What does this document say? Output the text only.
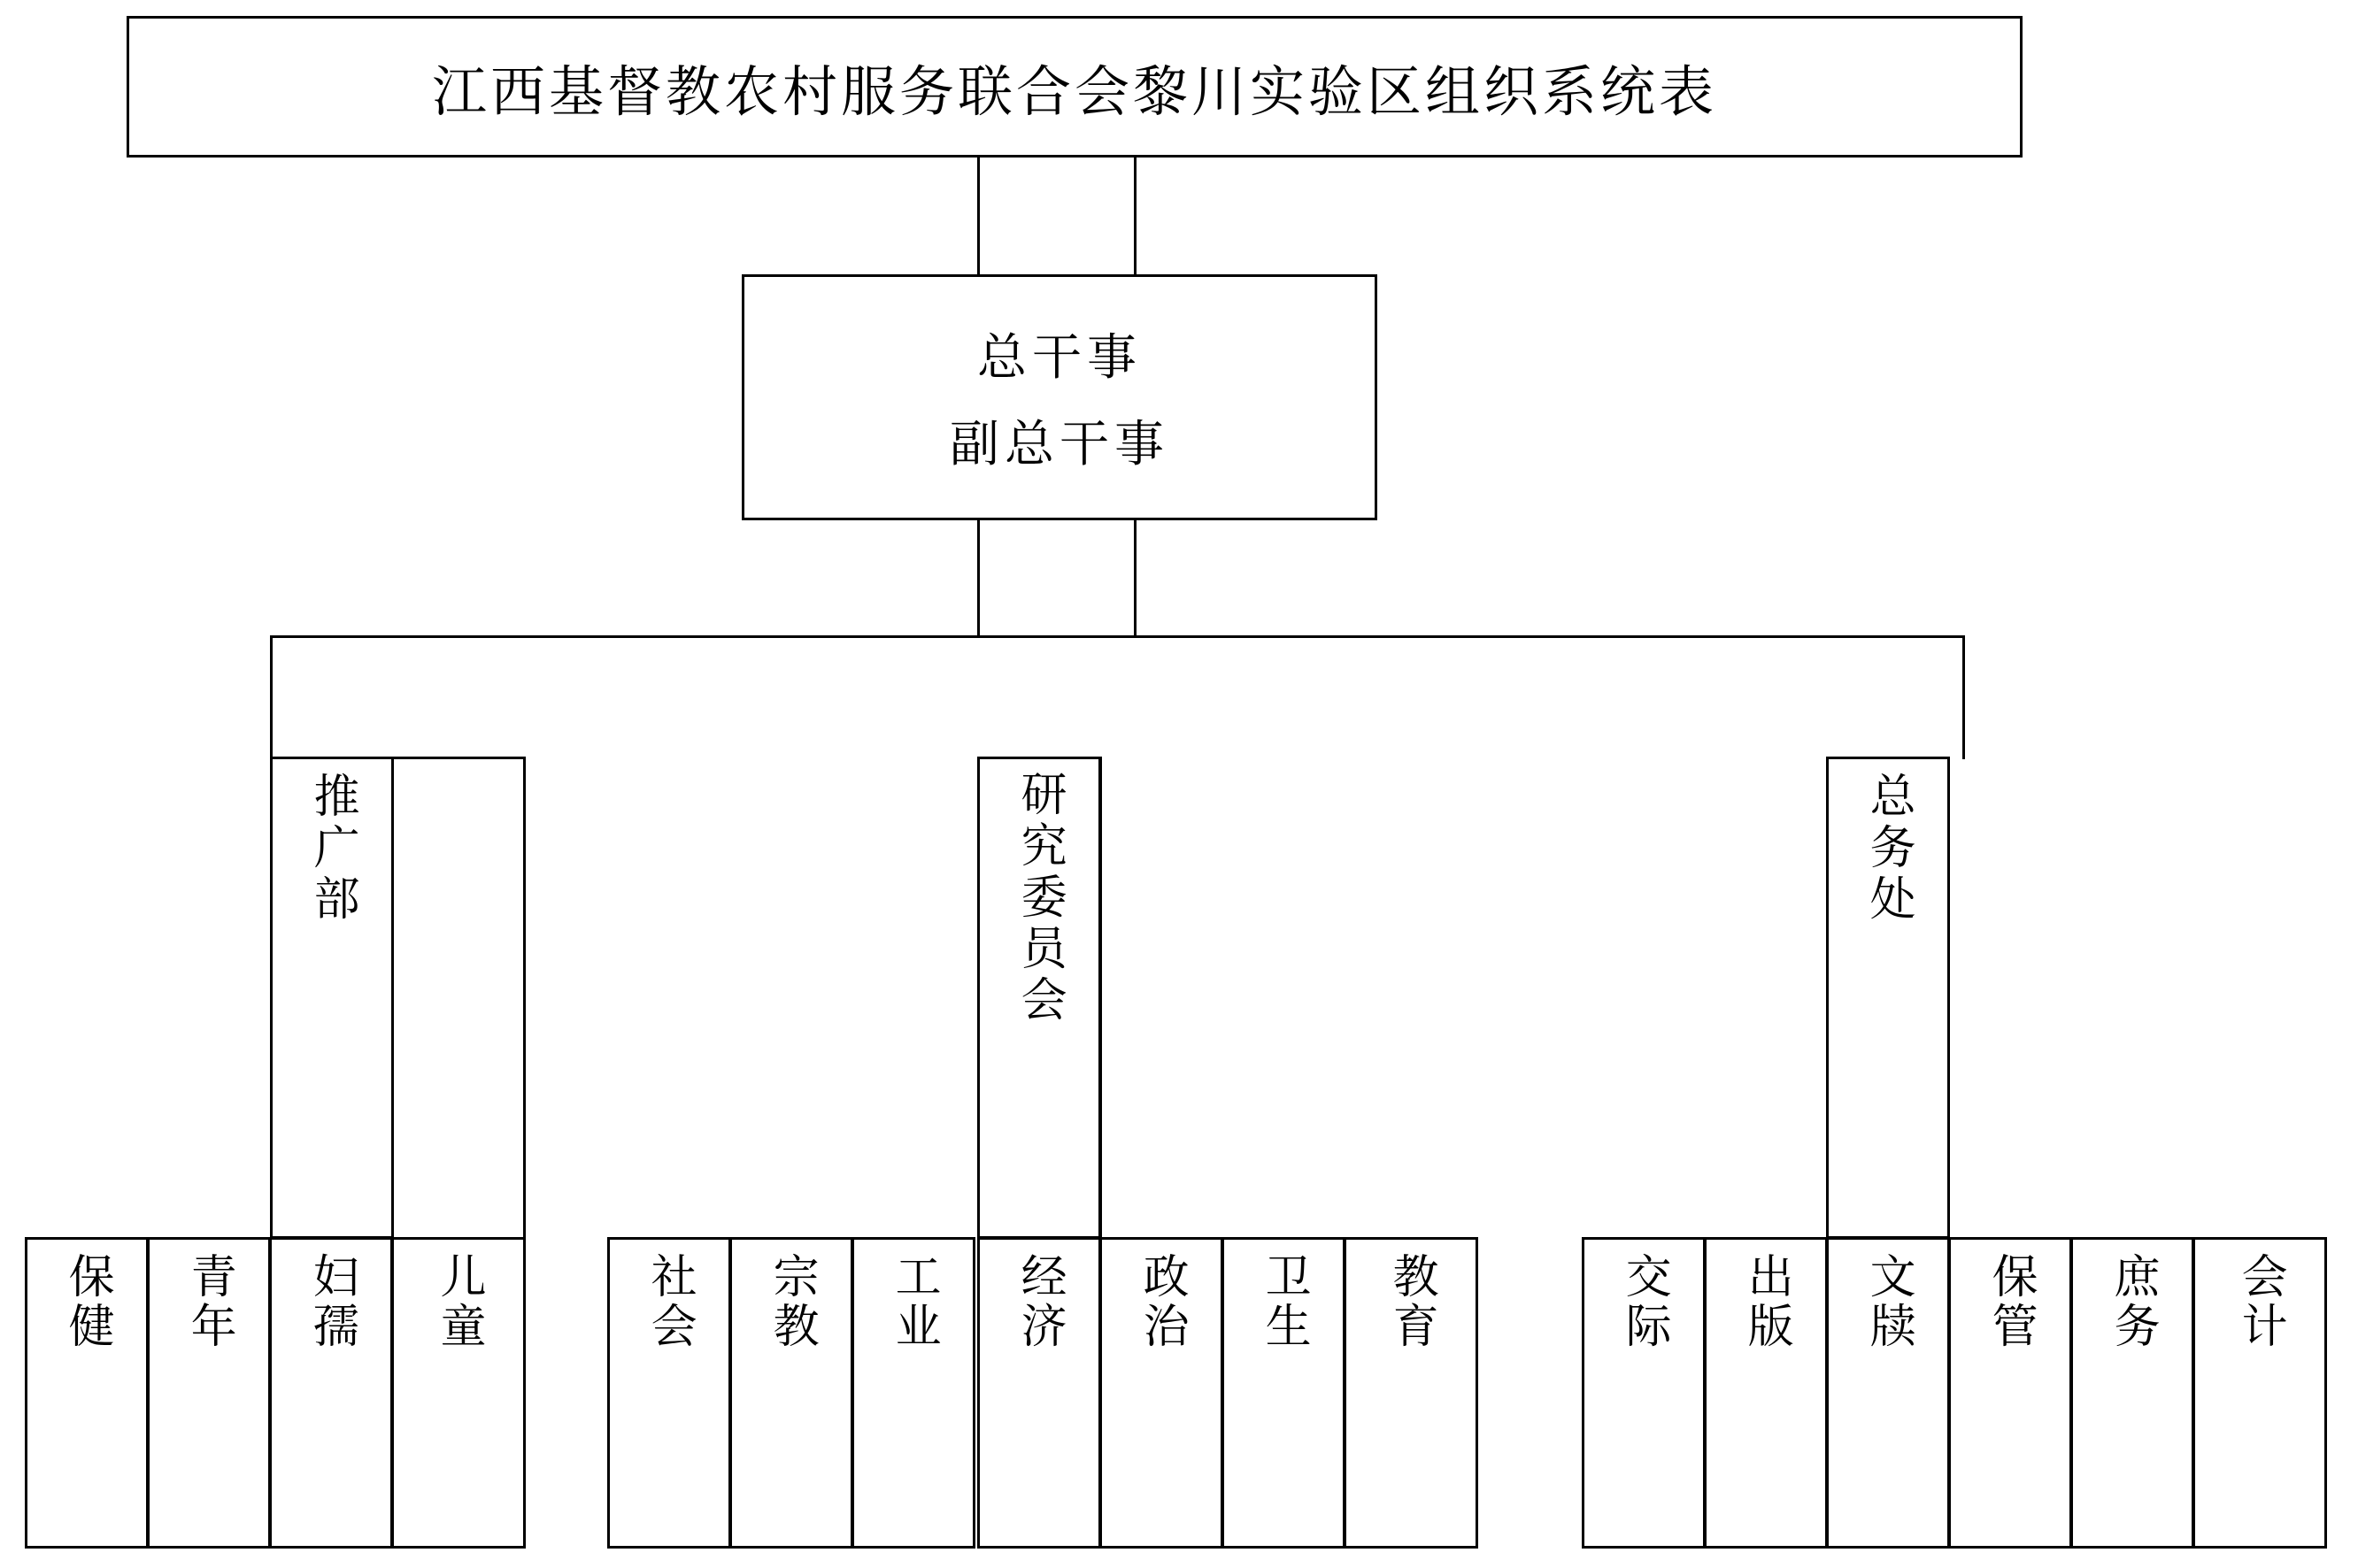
江西基督教农村服务联合会黎川实验区组织系统表
总干事
副总干事
推广部
保健 青年 妇孺 儿童
研究委员会
社会 宗教 工业 经济 政治 卫生 教育
总务处
交际 出版 文牍 保管 庶务 会计
